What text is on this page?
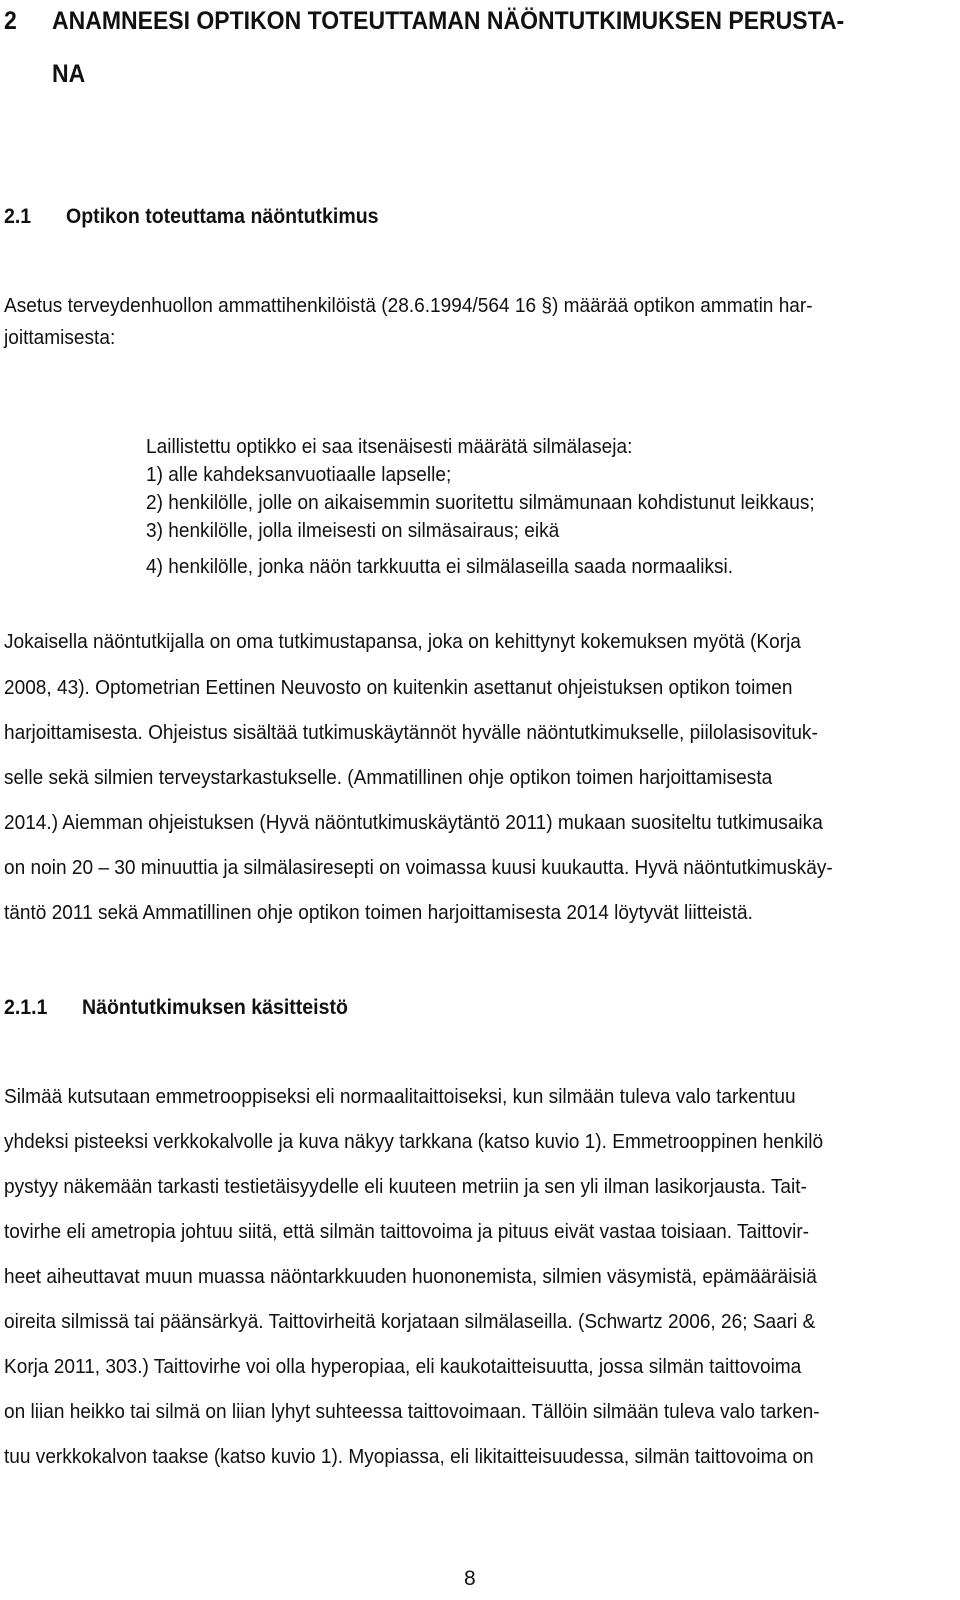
2 ANAMNEESI OPTIKON TOTEUTTAMAN NÄÖNTUTKIMUKSEN PERUSTA-
NA
2.1 Optikon toteuttama näöntutkimus

Asetus terveydenhuollon ammattihenkilöistä (28.6.1994/564 16 §) määrää optikon ammatin har-

joittamisesta:

Laillistettu optikko ei saa itsenäisesti määrätä silmälaseja:

1) alle kahdeksanvuotiaalle lapselle;

2) henkilölle, jolle on aikaisemmin suoritettu silmämunaan kohdistunut leikkaus;

3) henkilölle, jolla ilmeisesti on silmäsairaus; eikä

4) henkilölle, jonka näön tarkkuutta ei silmälaseilla saada normaaliksi.

Jokaisella näöntutkijalla on oma tutkimustapansa, joka on kehittynyt kokemuksen myötä (Korja

2008, 43). Optometrian Eettinen Neuvosto on kuitenkin asettanut ohjeistuksen optikon toimen

harjoittamisesta. Ohjeistus sisältää tutkimuskäytännöt hyvälle näöntutkimukselle, piilolasisovituk-

selle sekä silmien terveystarkastukselle. (Ammatillinen ohje optikon toimen harjoittamisesta

2014.) Aiemman ohjeistuksen (Hyvä näöntutkimuskäytäntö 2011) mukaan suositeltu tutkimusaika

on noin 20 – 30 minuuttia ja silmälasiresepti on voimassa kuusi kuukautta. Hyvä näöntutkimuskäy-

täntö 2011 sekä Ammatillinen ohje optikon toimen harjoittamisesta 2014 löytyvät liitteistä.

2.1.1 Näöntutkimuksen käsitteistö

Silmää kutsutaan emmetrooppiseksi eli normaalitaittoiseksi, kun silmään tuleva valo tarkentuu

yhdeksi pisteeksi verkkokalvolle ja kuva näkyy tarkkana (katso kuvio 1). Emmetrooppinen henkilö

pystyy näkemään tarkasti testietäisyydelle eli kuuteen metriin ja sen yli ilman lasikorjausta. Tait-

tovirhe eli ametropia johtuu siitä, että silmän taittovoima ja pituus eivät vastaa toisiaan. Taittovir-

heet aiheuttavat muun muassa näöntarkkuuden huononemista, silmien väsymistä, epämääräisiä

oireita silmissä tai päänsärkyä. Taittovirheitä korjataan silmälaseilla. (Schwartz 2006, 26; Saari &

Korja 2011, 303.) Taittovirhe voi olla hyperopiaa, eli kaukotaitteisuutta, jossa silmän taittovoima

on liian heikko tai silmä on liian lyhyt suhteessa taittovoimaan. Tällöin silmään tuleva valo tarken-

tuu verkkokalvon taakse (katso kuvio 1). Myopiassa, eli likitaitteisuudessa, silmän taittovoima on

8
